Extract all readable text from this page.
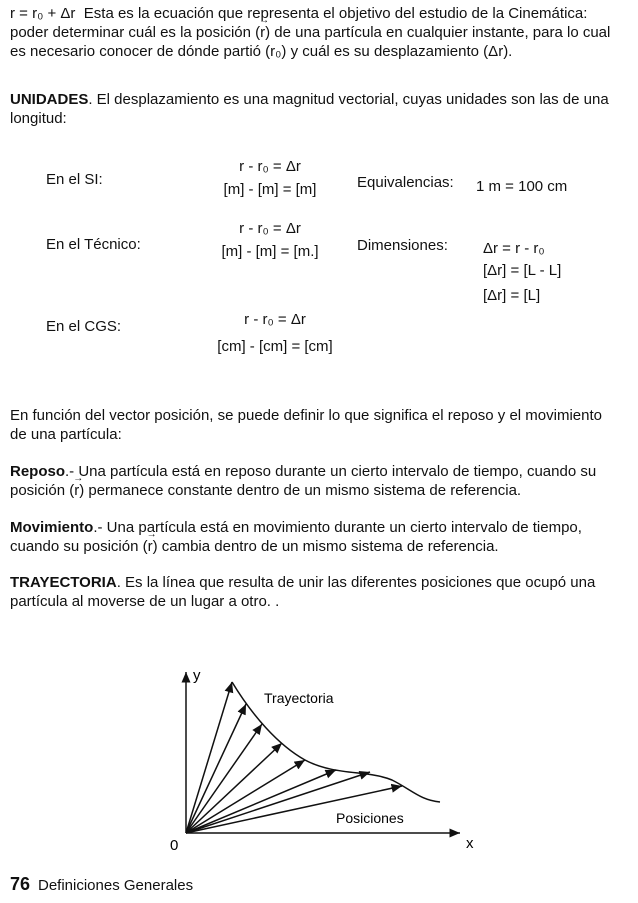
r = r₀ + Δr Esta es la ecuación que representa el objetivo del estudio de la Cinemática: poder determinar cuál es la posición (→ r) de una partícula en cualquier instante, para lo cual es necesario conocer de dónde partió (r₀) y cuál es su desplazamiento (Δr).
UNIDADES. El desplazamiento es una magnitud vectorial, cuyas unidades son las de una longitud:
En el SI:
r - r₀ = Δr
[m] - [m] = [m]	Equivalencias: 1 m = 100 cm
En el Técnico:
r - r₀ = Δr
[m] - [m] = [m.]	Dimensiones: Δr = r - r₀
[Δr] = [L - L]
[Δr] = [L]
En el CGS:	r - r₀ = Δr
[cm] - [cm] = [cm]
En función del vector posición, se puede definir lo que significa el reposo y el movimiento de una partícula:
Reposo.- Una partícula está en reposo durante un cierto intervalo de tiempo, cuando su posición (→ r) permanece constante dentro de un mismo sistema de referencia.
Movimiento.- Una partícula está en movimiento durante un cierto intervalo de tiempo, cuando su posición (→ r) cambia dentro de un mismo sistema de referencia.
TRAYECTORIA. Es la línea que resulta de unir las diferentes posiciones que ocupó una partícula al moverse de un lugar a otro. .
y
x
0
Trayectoria
Posiciones
76 Definiciones Generales
